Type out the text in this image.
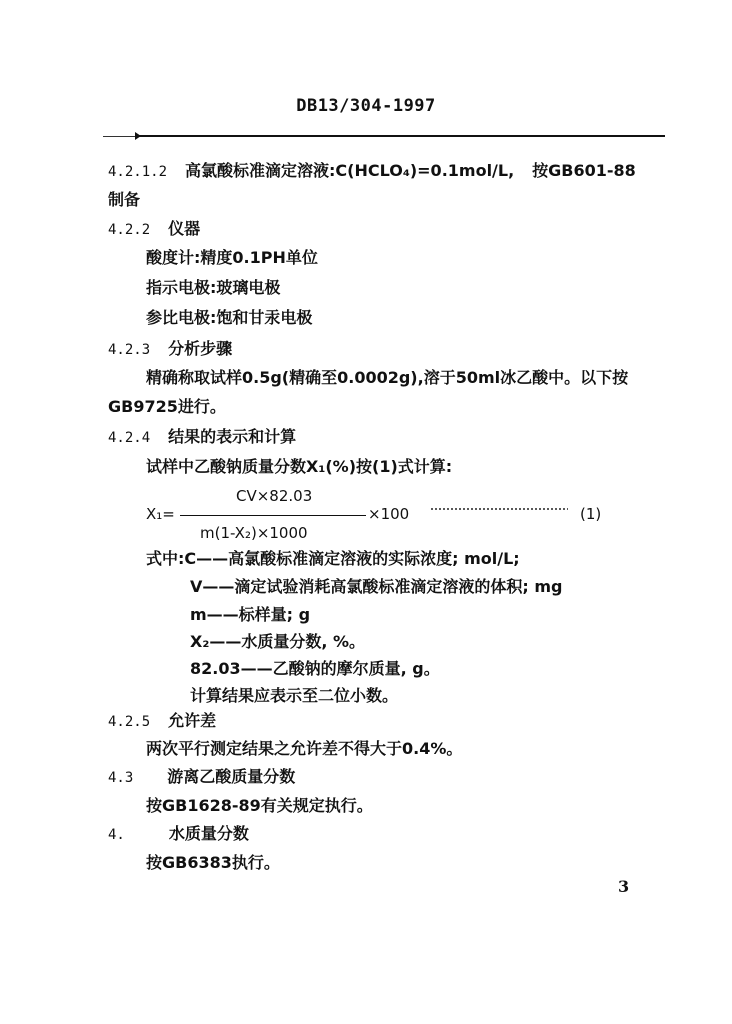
DB13/304-1997
4.2.1.2 高氯酸标准滴定溶液:C(HCLO₄)=0.1mol/L, 按GB601-88
制备
4.2.2 仪器
酸度计:精度0.1PH单位
指示电极:玻璃电极
参比电极:饱和甘汞电极
4.2.3 分析步骤
精确称取试样0.5g(精确至0.0002g),溶于50ml冰乙酸中。以下按
GB9725进行。
4.2.4 结果的表示和计算
试样中乙酸钠质量分数X₁(%)按(1)式计算:
CV×82.03
X₁=	×100	(1)
m(1-X₂)×1000
式中:C——高氯酸标准滴定溶液的实际浓度; mol/L;
V——滴定试验消耗高氯酸标准滴定溶液的体积; mg
m——标样量; g
X₂——水质量分数, %。
82.03——乙酸钠的摩尔质量, g。
计算结果应表示至二位小数。
4.2.5 允许差
两次平行测定结果之允许差不得大于0.4%。
4.3 游离乙酸质量分数
按GB1628-89有关规定执行。
4.	水质量分数
按GB6383执行。
3
